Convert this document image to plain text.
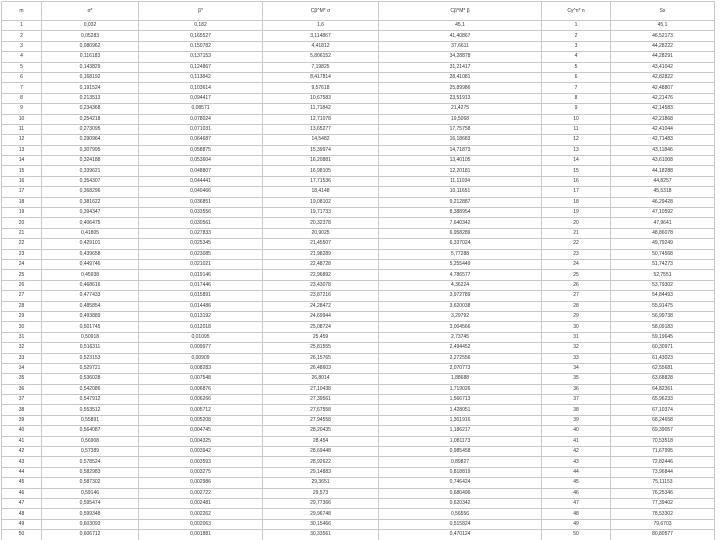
m	σ*	β*	Cβ^M* σ	Cβ^M* β	Cγ^n* n	Sx
1	0,032	0,182	1,6	45,1	1	45,1
2	0,05283	0,165527	3,114867	41,40867	2	46,52173
3	0,080962	0,150782	4,41812	37,6611	3	44,28222
4	0,116183	0,137153	5,806152	34,28878	4	44,28291
5	0,143829	0,124867	7,19825	31,21417	5	43,41042
6	0,168192	0,113842	8,417814	28,41081	6	42,82822
7	0,191524	0,103614	9,57618	25,89986	7	42,48807
8	0,213513	0,094417	10,67583	23,51913	8	42,21476
9	0,234368	0,08571	11,71842	21,4275	9	42,14583
10	0,254218	0,078024	12,71078	19,5068	10	42,21868
11	0,273095	0,071031	13,65277	17,75758	11	42,41044
12	0,290964	0,064687	14,5482	16,18683	12	42,71483
13	0,307995	0,058875	15,39974	14,71873	13	43,11846
14	0,324188	0,053604	16,20881	13,40105	14	43,61008
15	0,339621	0,048807	16,98105	12,20181	15	44,18288
16	0,354307	0,044441	17,71536	11,11034	16	44,8257
17	0,368296	0,040466	18,4148	10,11651	17	45,5318
18	0,381622	0,036851	19,08102	9,212887	18	46,29428
19	0,394347	0,033556	19,71733	8,388954	19	47,10592
20	0,406475	0,030561	20,32378	7,640342	20	47,9641
21	0,41805	0,027833	20,9025	6,958289	21	48,86078
22	0,429101	0,025345	21,45507	6,337024	22	49,79249
23	0,439658	0,023085	21,98289	5,77288	23	50,74568
24	0,449746	0,021021	22,48728	5,255449	24	51,74273
25	0,45938	0,019146	22,96892	4,786577	25	52,7551
26	0,468616	0,017446	23,43078	4,36224	26	53,79302
27	0,477433	0,015891	23,87216	3,972789	27	54,84493
28	0,485854	0,014486	24,28472	3,620038	28	55,91475
29	0,493889	0,013192	24,69944	3,29792	29	56,99738
30	0,501745	0,012018	25,08724	3,004566	30	58,09183
31	0,50918	0,01095	25,459	2,73745	31	59,19645
32	0,516311	0,009977	25,81555	2,494452	32	60,30971
33	0,523153	0,00909	26,15765	2,272556	33	61,43023
34	0,529721	0,008283	26,48603	2,070773	34	62,55681
35	0,536028	0,007548	26,8014	1,88688	35	63,68828
36	0,542086	0,006876	27,10438	1,719026	36	64,82361
37	0,547912	0,006266	27,39561	1,566713	37	65,96233
38	0,553512	0,005712	27,67558	1,428051	38	67,10374
39	0,55891	0,005208	27,94558	1,301916	39	68,24658
40	0,564087	0,004745	28,20435	1,186217	40	69,39057
41	0,56908	0,004325	28,454	1,081173	41	70,53518
42	0,57389	0,003942	28,69448	0,985458	42	71,67995
43	0,578524	0,003593	28,92622	0,89827	43	72,82446
44	0,582983	0,003275	29,14883	0,818819	44	73,96844
45	0,587302	0,002986	29,3651	0,746424	45	75,11153
46	0,59146	0,002722	29,573	0,680496	46	76,25346
47	0,595474	0,002481	29,77366	0,620342	47	77,39402
48	0,599348	0,002262	29,96748	0,56556	48	78,53302
49	0,603093	0,002063	30,15466	0,515824	49	79,6703
50	0,606712	0,001881	30,33561	0,470124	50	80,80577
